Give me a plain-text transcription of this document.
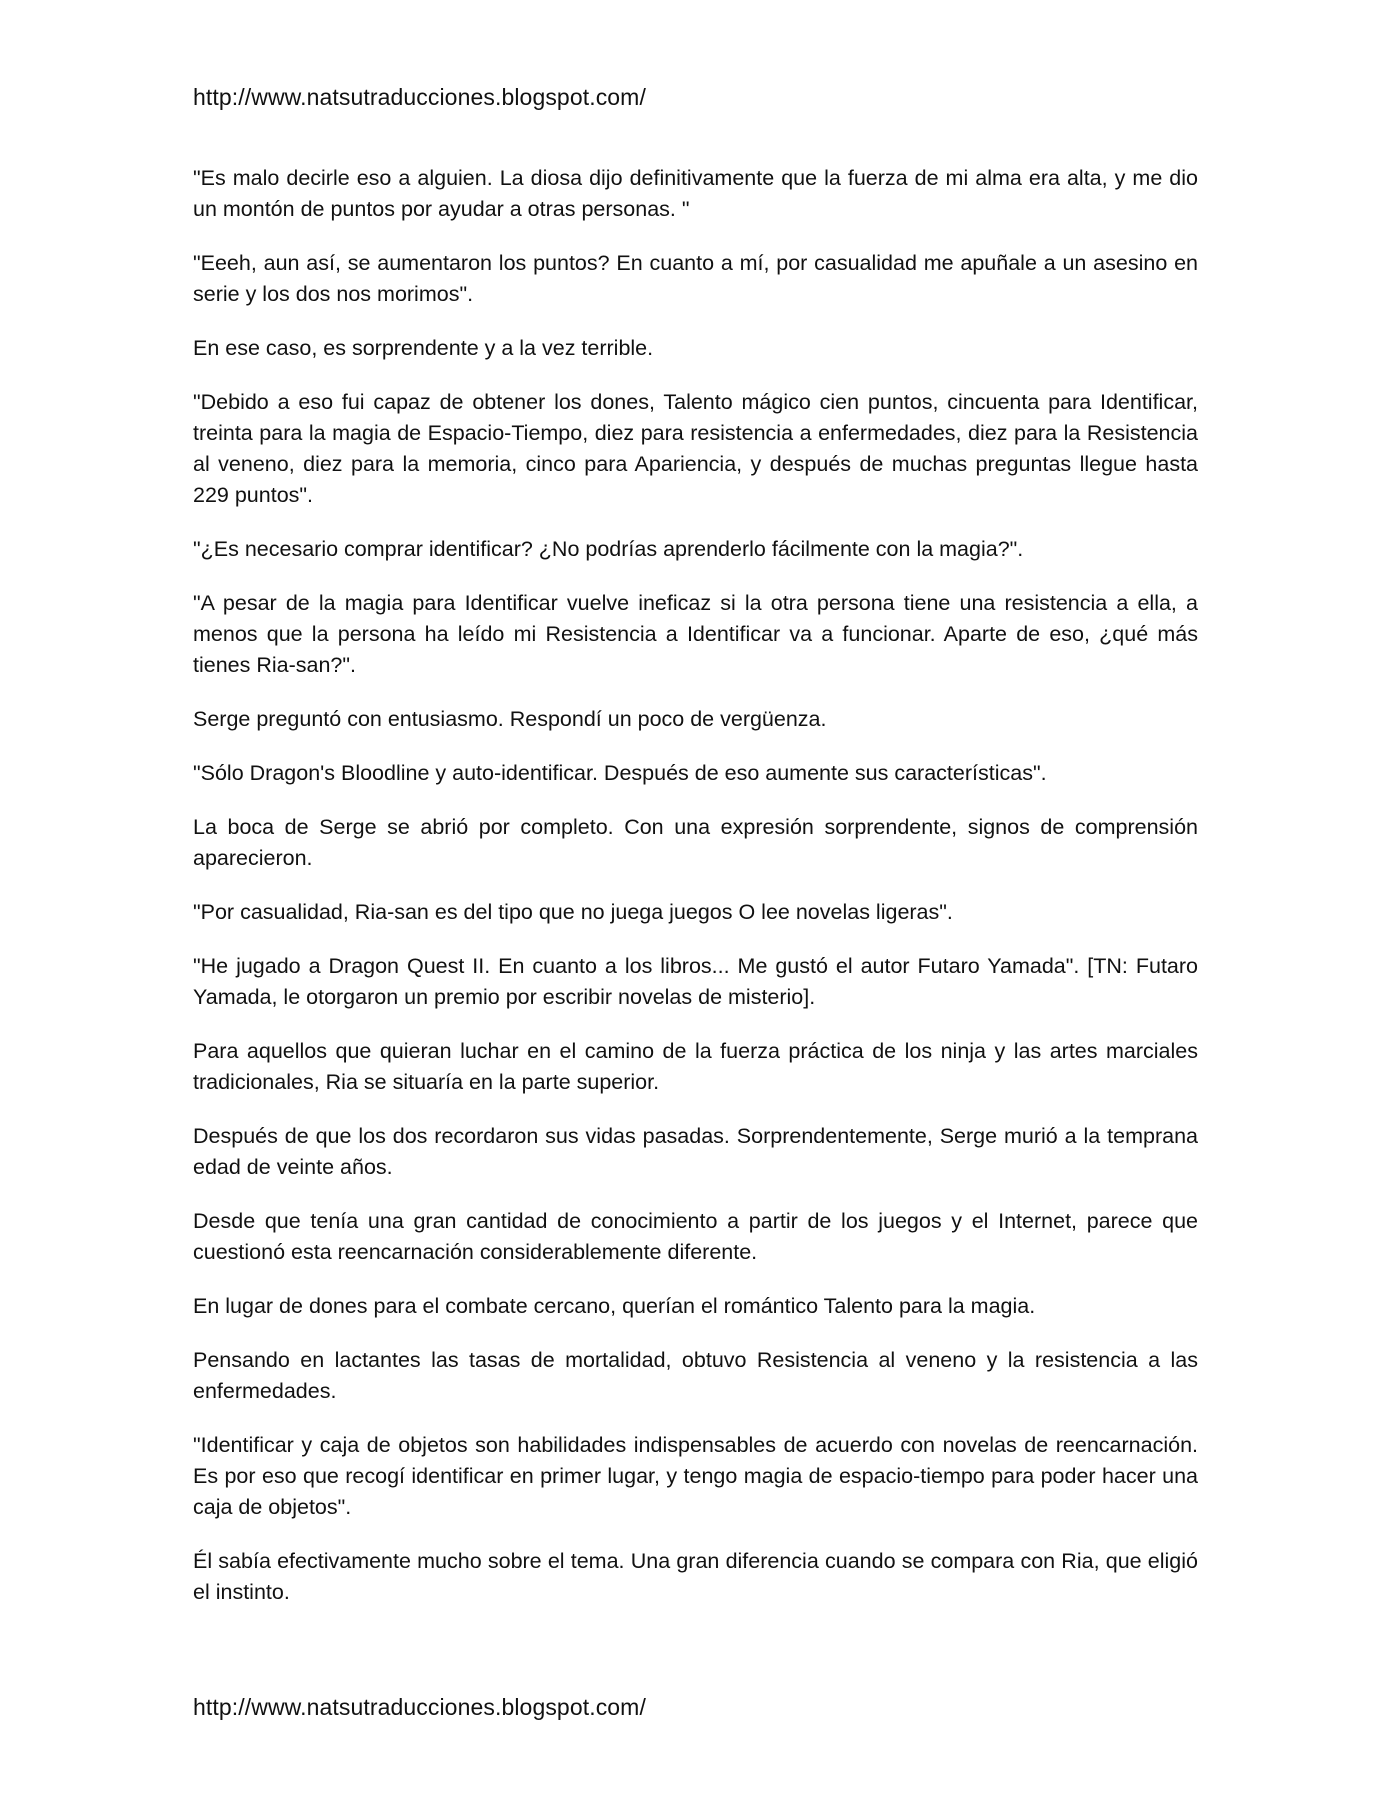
http://www.natsutraducciones.blogspot.com/

"Es malo decirle eso a alguien. La diosa dijo definitivamente que la fuerza de mi alma era alta, y me dio un montón de puntos por ayudar a otras personas. "

"Eeeh, aun así, se aumentaron los puntos? En cuanto a mí, por casualidad me apuñale a un asesino en serie y los dos nos morimos".

En ese caso, es sorprendente y a la vez terrible.

"Debido a eso fui capaz de obtener los dones, Talento mágico cien puntos, cincuenta para Identificar, treinta para la magia de Espacio-Tiempo, diez para resistencia a enfermedades, diez para la Resistencia al veneno, diez para la memoria, cinco para Apariencia, y después de muchas preguntas llegue hasta 229 puntos".

"¿Es necesario comprar identificar? ¿No podrías aprenderlo fácilmente con la magia?".

"A pesar de la magia para Identificar vuelve ineficaz si la otra persona tiene una resistencia a ella, a menos que la persona ha leído mi Resistencia a Identificar va a funcionar. Aparte de eso, ¿qué más tienes Ria-san?".

Serge preguntó con entusiasmo. Respondí un poco de vergüenza.

"Sólo Dragon's Bloodline y auto-identificar. Después de eso aumente sus características".

La boca de Serge se abrió por completo. Con una expresión sorprendente, signos de comprensión aparecieron.

"Por casualidad, Ria-san es del tipo que no juega juegos O lee novelas ligeras".

"He jugado a Dragon Quest II. En cuanto a los libros... Me gustó el autor Futaro Yamada". [TN: Futaro Yamada, le otorgaron un premio por escribir novelas de misterio].

Para aquellos que quieran luchar en el camino de la fuerza práctica de los ninja y las artes marciales tradicionales, Ria se situaría en la parte superior.

Después de que los dos recordaron sus vidas pasadas. Sorprendentemente, Serge murió a la temprana edad de veinte años.

Desde que tenía una gran cantidad de conocimiento a partir de los juegos y el Internet, parece que cuestionó esta reencarnación considerablemente diferente.

En lugar de dones para el combate cercano, querían el romántico Talento para la magia.

Pensando en lactantes las tasas de mortalidad, obtuvo Resistencia al veneno y la resistencia a las enfermedades.

"Identificar y caja de objetos son habilidades indispensables de acuerdo con novelas de reencarnación. Es por eso que recogí identificar en primer lugar, y tengo magia de espacio-tiempo para poder hacer una caja de objetos".

Él sabía efectivamente mucho sobre el tema. Una gran diferencia cuando se compara con Ria, que eligió el instinto.

http://www.natsutraducciones.blogspot.com/
